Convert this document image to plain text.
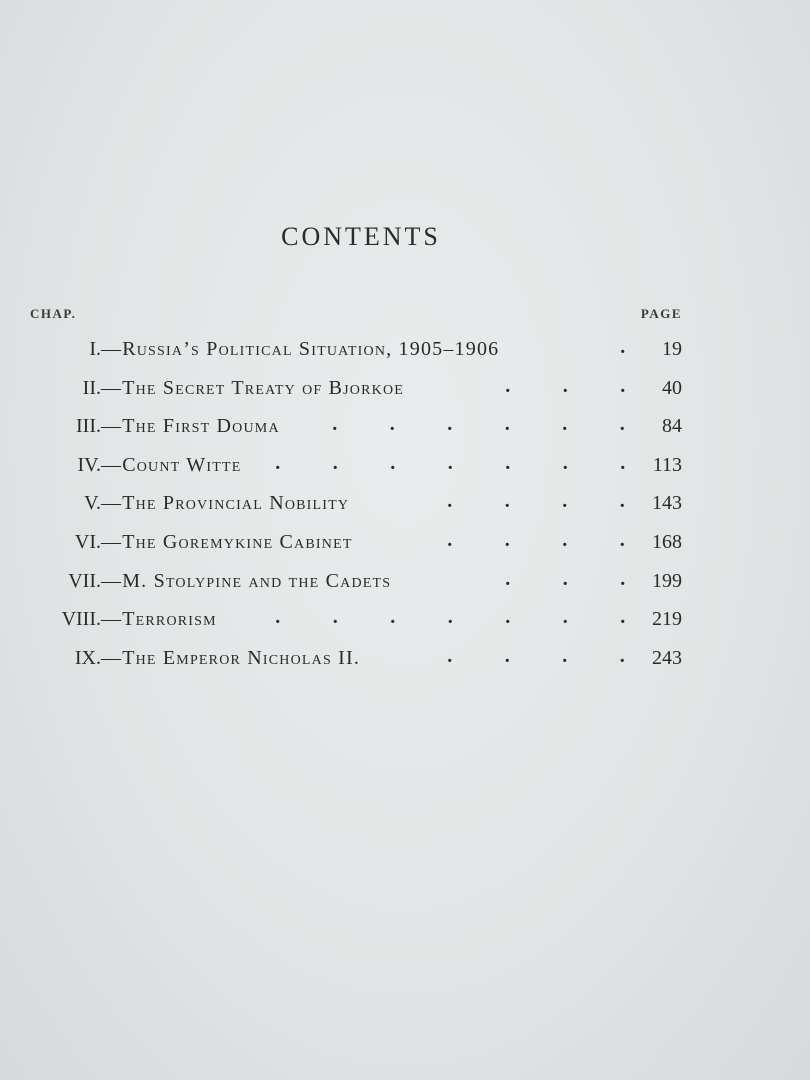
CONTENTS
CHAP.	PAGE
I. —Russia’s Political Situation, 1905–1906	.	19
II. —The Secret Treaty of Bjorkoe	.	.	.	40
III. —The First Douma	.	.	.	.	.	.	84
IV. —Count Witte	.	.	.	.	.	.	.	113
V. —The Provincial Nobility	.	.	.	.	143
VI. —The Goremykine Cabinet	.	.	.	.	168
VII. —M. Stolypine and the Cadets	.	.	.	199
VIII. —Terrorism	.	.	.	.	.	.	.	219
IX. —The Emperor Nicholas II.	.	.	.	.	243
